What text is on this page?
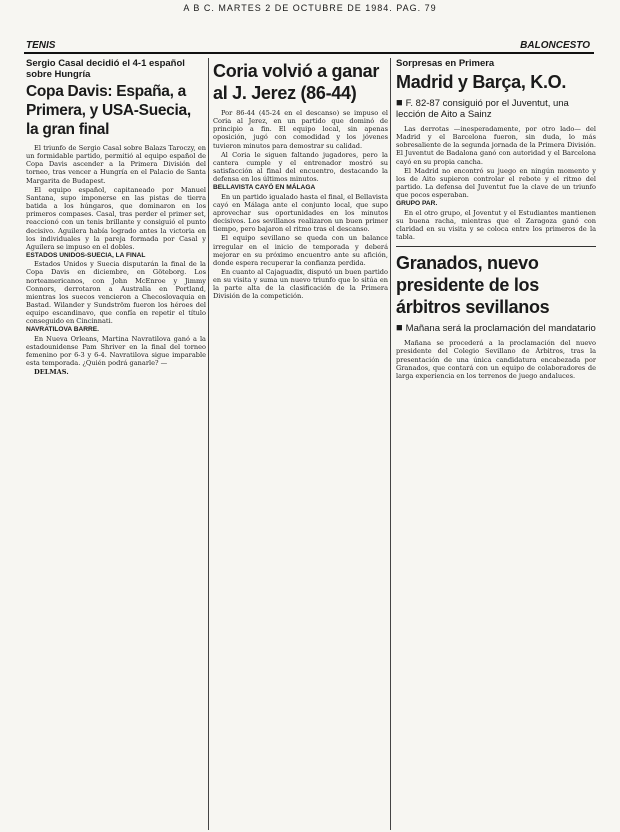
A B C. MARTES 2 DE OCTUBRE DE 1984. PAG. 79
TENIS	BALONCESTO
Sergio Casal decidió el 4-1 español sobre Hungría
Copa Davis: España, a Primera, y USA-Suecia, la gran final

El triunfo de Sergio Casal sobre Balazs Taroczy, en un formidable partido, permitió al equipo español de Copa Davis ascender a la Primera División del torneo, tras vencer a Hungría en el Palacio de Santa Margarita de Budapest.

El equipo español, capitaneado por Manuel Santana, supo imponerse en las pistas de tierra batida a los húngaros, que dominaron en los primeros compases. Casal, tras perder el primer set, reaccionó con un tenis brillante y consiguió el punto decisivo. Aguilera había logrado antes la victoria en los individuales y la pareja formada por Casal y Aguilera se impuso en el dobles.

ESTADOS UNIDOS-SUECIA, LA FINAL

Estados Unidos y Suecia disputarán la final de la Copa Davis en diciembre, en Göteborg. Los norteamericanos, con John McEnroe y Jimmy Connors, derrotaron a Australia en Portland, mientras los suecos vencieron a Checoslovaquia en Bastad. Wilander y Sundström fueron los héroes del equipo escandinavo, que confía en repetir el título conseguido en Cincinnati.

NAVRATILOVA BARRE.

En Nueva Orleans, Martina Navratilova ganó a la estadounidense Pam Shriver en la final del torneo femenino por 6-3 y 6-4. Navratilova sigue imparable esta temporada. ¿Quién podrá ganarle? —

DELMAS.

Coria volvió a ganar al J. Jerez (86-44)

Por 86-44 (45-24 en el descanso) se impuso el Coria al Jerez, en un partido que dominó de principio a fin. El equipo local, sin apenas oposición, jugó con comodidad y los jóvenes tuvieron minutos para demostrar su calidad.

Al Coria le siguen faltando jugadores, pero la cantera cumple y el entrenador mostró su satisfacción al final del encuentro, destacando la defensa en los últimos minutos.

BELLAVISTA CAYÓ EN MÁLAGA

En un partido igualado hasta el final, el Bellavista cayó en Málaga ante el conjunto local, que supo aprovechar sus oportunidades en los minutos decisivos. Los sevillanos realizaron un buen primer tiempo, pero bajaron el ritmo tras el descanso.

El equipo sevillano se queda con un balance irregular en el inicio de temporada y deberá mejorar en su próximo encuentro ante su afición, donde espera recuperar la confianza perdida.

En cuanto al Cajaguadix, disputó un buen partido en su visita y suma un nuevo triunfo que lo sitúa en la parte alta de la clasificación de la Primera División de la competición.

Sorpresas en Primera
Madrid y Barça, K.O.
■ F. 82-87 consiguió por el Juventut, una lección de Aito a Sainz

Las derrotas —inesperadamente, por otro lado— del Madrid y el Barcelona fueron, sin duda, lo más sobresaliente de la segunda jornada de la Primera División. El Juventut de Badalona ganó con autoridad y el Barcelona cayó en su propia cancha.

El Madrid no encontró su juego en ningún momento y los de Aito supieron controlar el rebote y el ritmo del partido. La defensa del Juventut fue la clave de un triunfo que pocos esperaban.

GRUPO PAR.

En el otro grupo, el Joventut y el Estudiantes mantienen su buena racha, mientras que el Zaragoza ganó con claridad en su visita y se coloca entre los primeros de la tabla.

Granados, nuevo presidente de los árbitros sevillanos
■ Mañana será la proclamación del mandatario

Mañana se procederá a la proclamación del nuevo presidente del Colegio Sevillano de Árbitros, tras la presentación de una única candidatura encabezada por Granados, que contará con un equipo de colaboradores de larga experiencia en los terrenos de juego andaluces.
